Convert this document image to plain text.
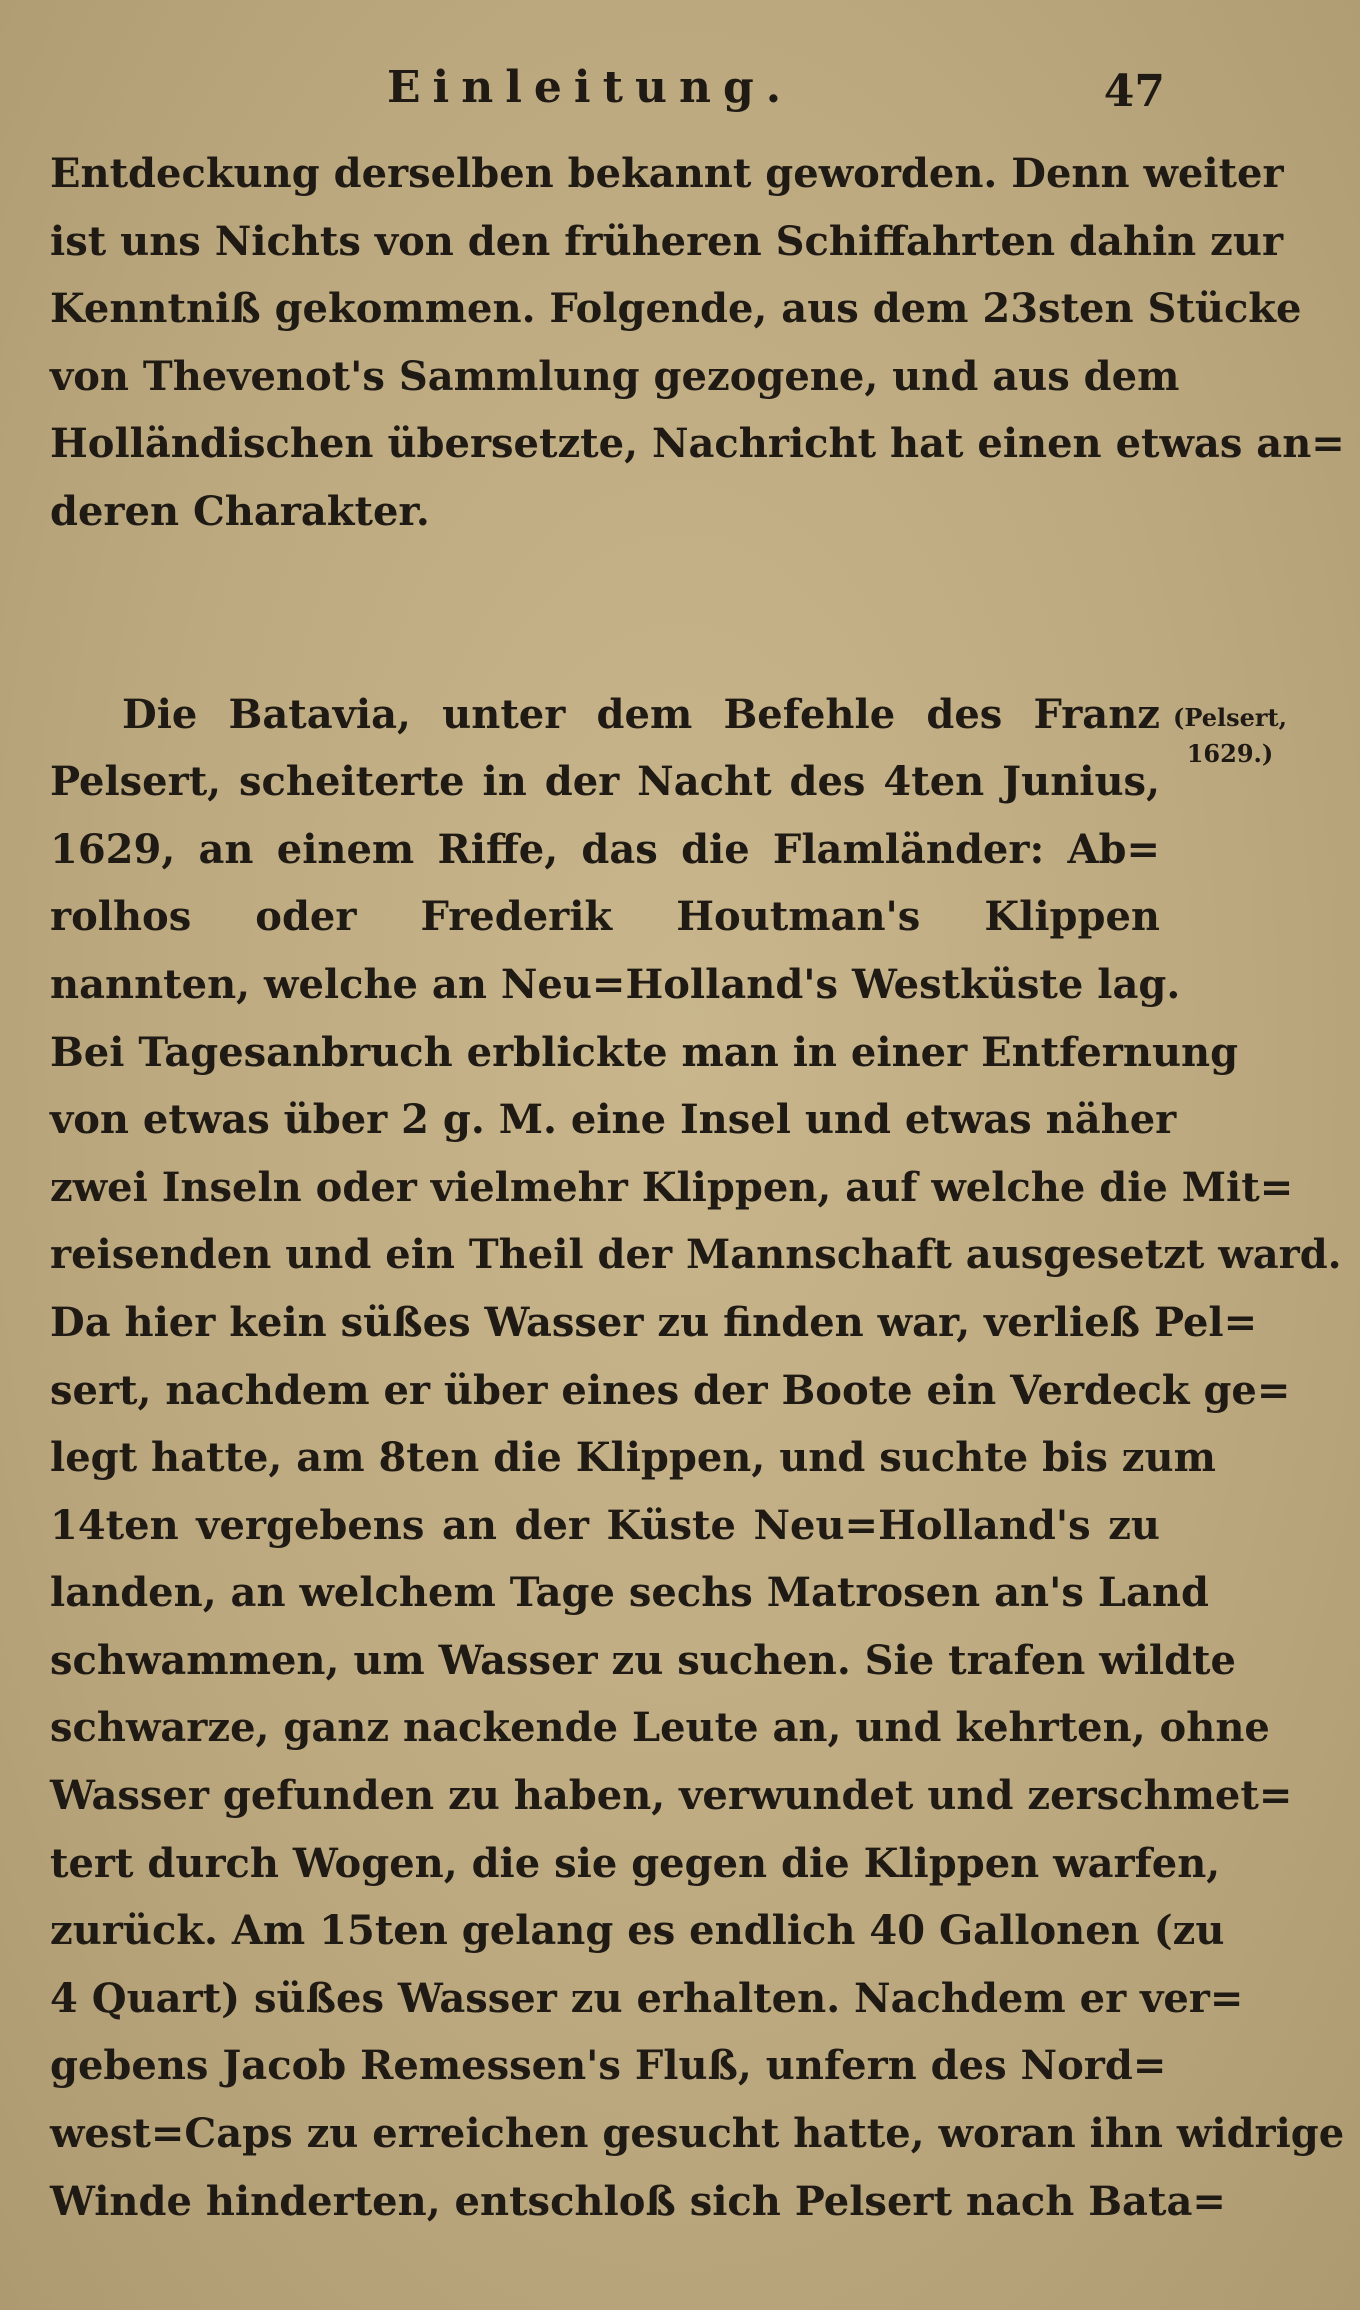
Einleitung.	47
Entdeckung derselben bekannt geworden. Denn weiter
ist uns Nichts von den früheren Schiffahrten dahin zur
Kenntniß gekommen. Folgende, aus dem 23sten Stücke
von Thevenot's Sammlung gezogene, und aus dem
Holländischen übersetzte, Nachricht hat einen etwas an=
deren Charakter.
Die Batavia, unter dem Befehle des Franz
Pelsert, scheiterte in der Nacht des 4ten Junius,
1629, an einem Riffe, das die Flamländer: Ab=
rolhos oder Frederik Houtman's Klippen
nannten, welche an Neu=Holland's Westküste lag.
Bei Tagesanbruch erblickte man in einer Entfernung
von etwas über 2 g. M. eine Insel und etwas näher
zwei Inseln oder vielmehr Klippen, auf welche die Mit=
reisenden und ein Theil der Mannschaft ausgesetzt ward.
Da hier kein süßes Wasser zu finden war, verließ Pel=
sert, nachdem er über eines der Boote ein Verdeck ge=
legt hatte, am 8ten die Klippen, und suchte bis zum
14ten vergebens an der Küste Neu=Holland's zu
landen, an welchem Tage sechs Matrosen an's Land
schwammen, um Wasser zu suchen. Sie trafen wildte
schwarze, ganz nackende Leute an, und kehrten, ohne
Wasser gefunden zu haben, verwundet und zerschmet=
tert durch Wogen, die sie gegen die Klippen warfen,
zurück. Am 15ten gelang es endlich 40 Gallonen (zu
4 Quart) süßes Wasser zu erhalten. Nachdem er ver=
gebens Jacob Remessen's Fluß, unfern des Nord=
west=Caps zu erreichen gesucht hatte, woran ihn widrige
Winde hinderten, entschloß sich Pelsert nach Bata=
(Pelsert,
1629.)
